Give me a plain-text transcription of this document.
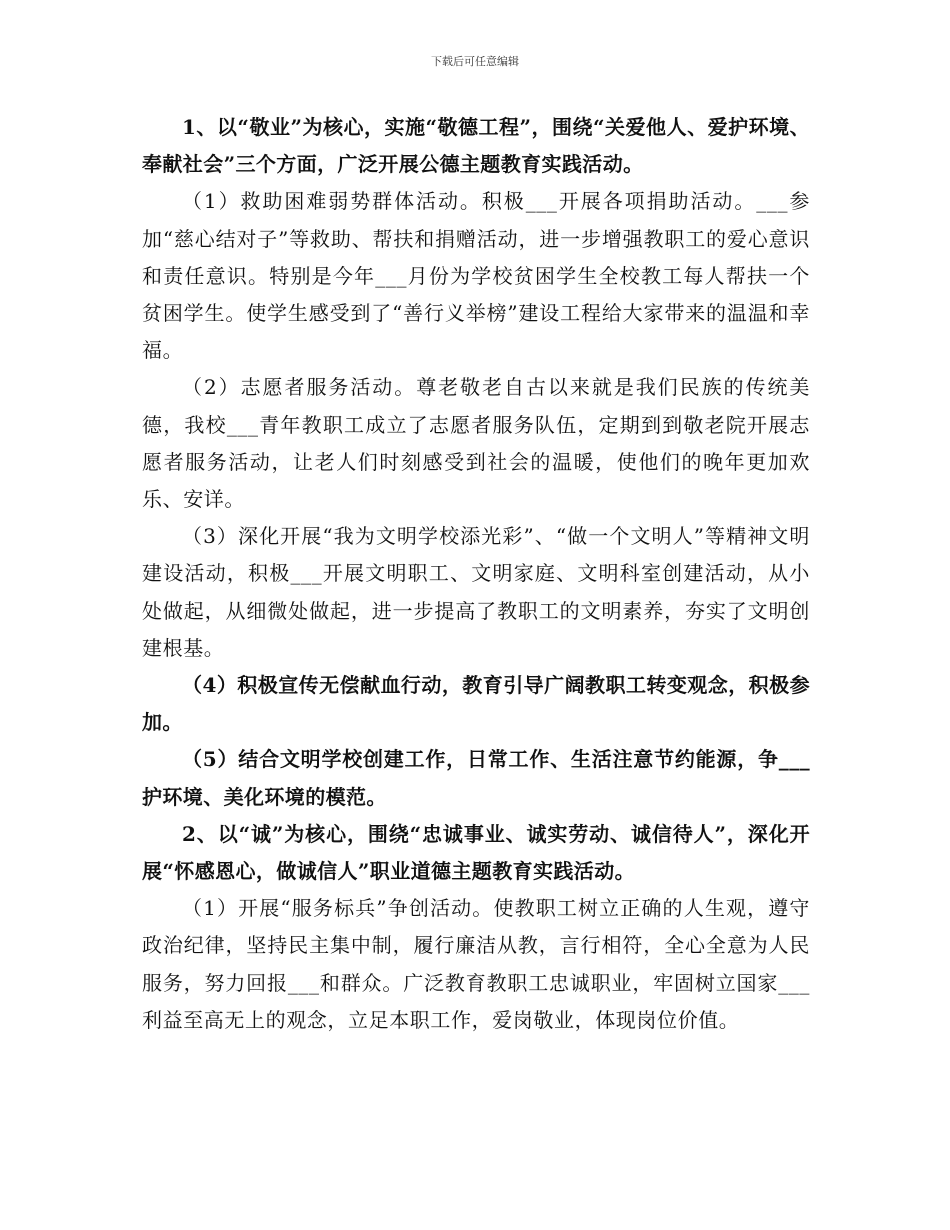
下载后可任意编辑

1、以“敬业”为核心，实施“敬德工程”，围绕“关爱他人、爱护环境、奉献社会”三个方面，广泛开展公德主题教育实践活动。

（1）救助困难弱势群体活动。积极___开展各项捐助活动。___参加“慈心结对子”等救助、帮扶和捐赠活动，进一步增强教职工的爱心意识和责任意识。特别是今年___月份为学校贫困学生全校教工每人帮扶一个贫困学生。使学生感受到了“善行义举榜”建设工程给大家带来的温温和幸福。

（2）志愿者服务活动。尊老敬老自古以来就是我们民族的传统美德，我校___青年教职工成立了志愿者服务队伍，定期到到敬老院开展志愿者服务活动，让老人们时刻感受到社会的温暖，使他们的晚年更加欢乐、安详。

（3）深化开展“我为文明学校添光彩”、“做一个文明人”等精神文明建设活动，积极___开展文明职工、文明家庭、文明科室创建活动，从小处做起，从细微处做起，进一步提高了教职工的文明素养，夯实了文明创建根基。

（4）积极宣传无偿献血行动，教育引导广阔教职工转变观念，积极参加。

（5）结合文明学校创建工作，日常工作、生活注意节约能源，争___护环境、美化环境的模范。

2、以“诚”为核心，围绕“忠诚事业、诚实劳动、诚信待人”，深化开展“怀感恩心，做诚信人”职业道德主题教育实践活动。

（1）开展“服务标兵”争创活动。使教职工树立正确的人生观，遵守政治纪律，坚持民主集中制，履行廉洁从教，言行相符，全心全意为人民服务，努力回报___和群众。广泛教育教职工忠诚职业，牢固树立国家___利益至高无上的观念，立足本职工作，爱岗敬业，体现岗位价值。
